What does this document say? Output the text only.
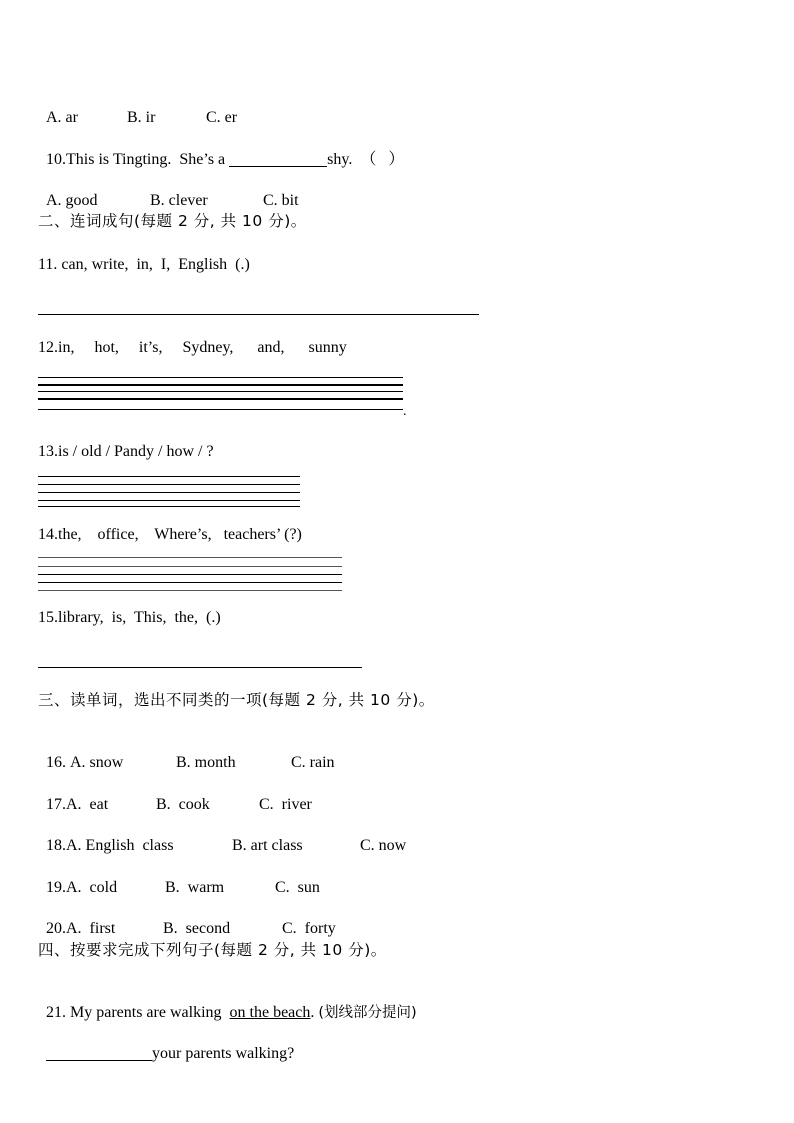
A. ar	B. ir	C. er

10.This is Tingting.  She’s a	shy. （ ）

A. good	B. clever	C. bit

二、连词成句(每题 2 分, 共 10 分)。
11. can, write,  in,  I,  English  (.)
12.in,     hot,     it’s,     Sydney,      and,      sunny
.
13.is / old / Pandy / how / ?
14.the,    office,    Where’s,   teachers’ (?)
15.library,  is,  This,  the,  (.)
三、读单词，选出不同类的一项(每题 2 分, 共 10 分)。

16. A. snow	B. month	C. rain

17.A.  eat	B.  cook	C.  river

18.A. English  class	B. art class	C. now

19.A.  cold	B.  warm	C.  sun

20.A.  first	B.  second	C.  forty

四、按要求完成下列句子(每题 2 分, 共 10 分)。

21. My parents are walking  on the beach. (划线部分提问)

your parents walking?
